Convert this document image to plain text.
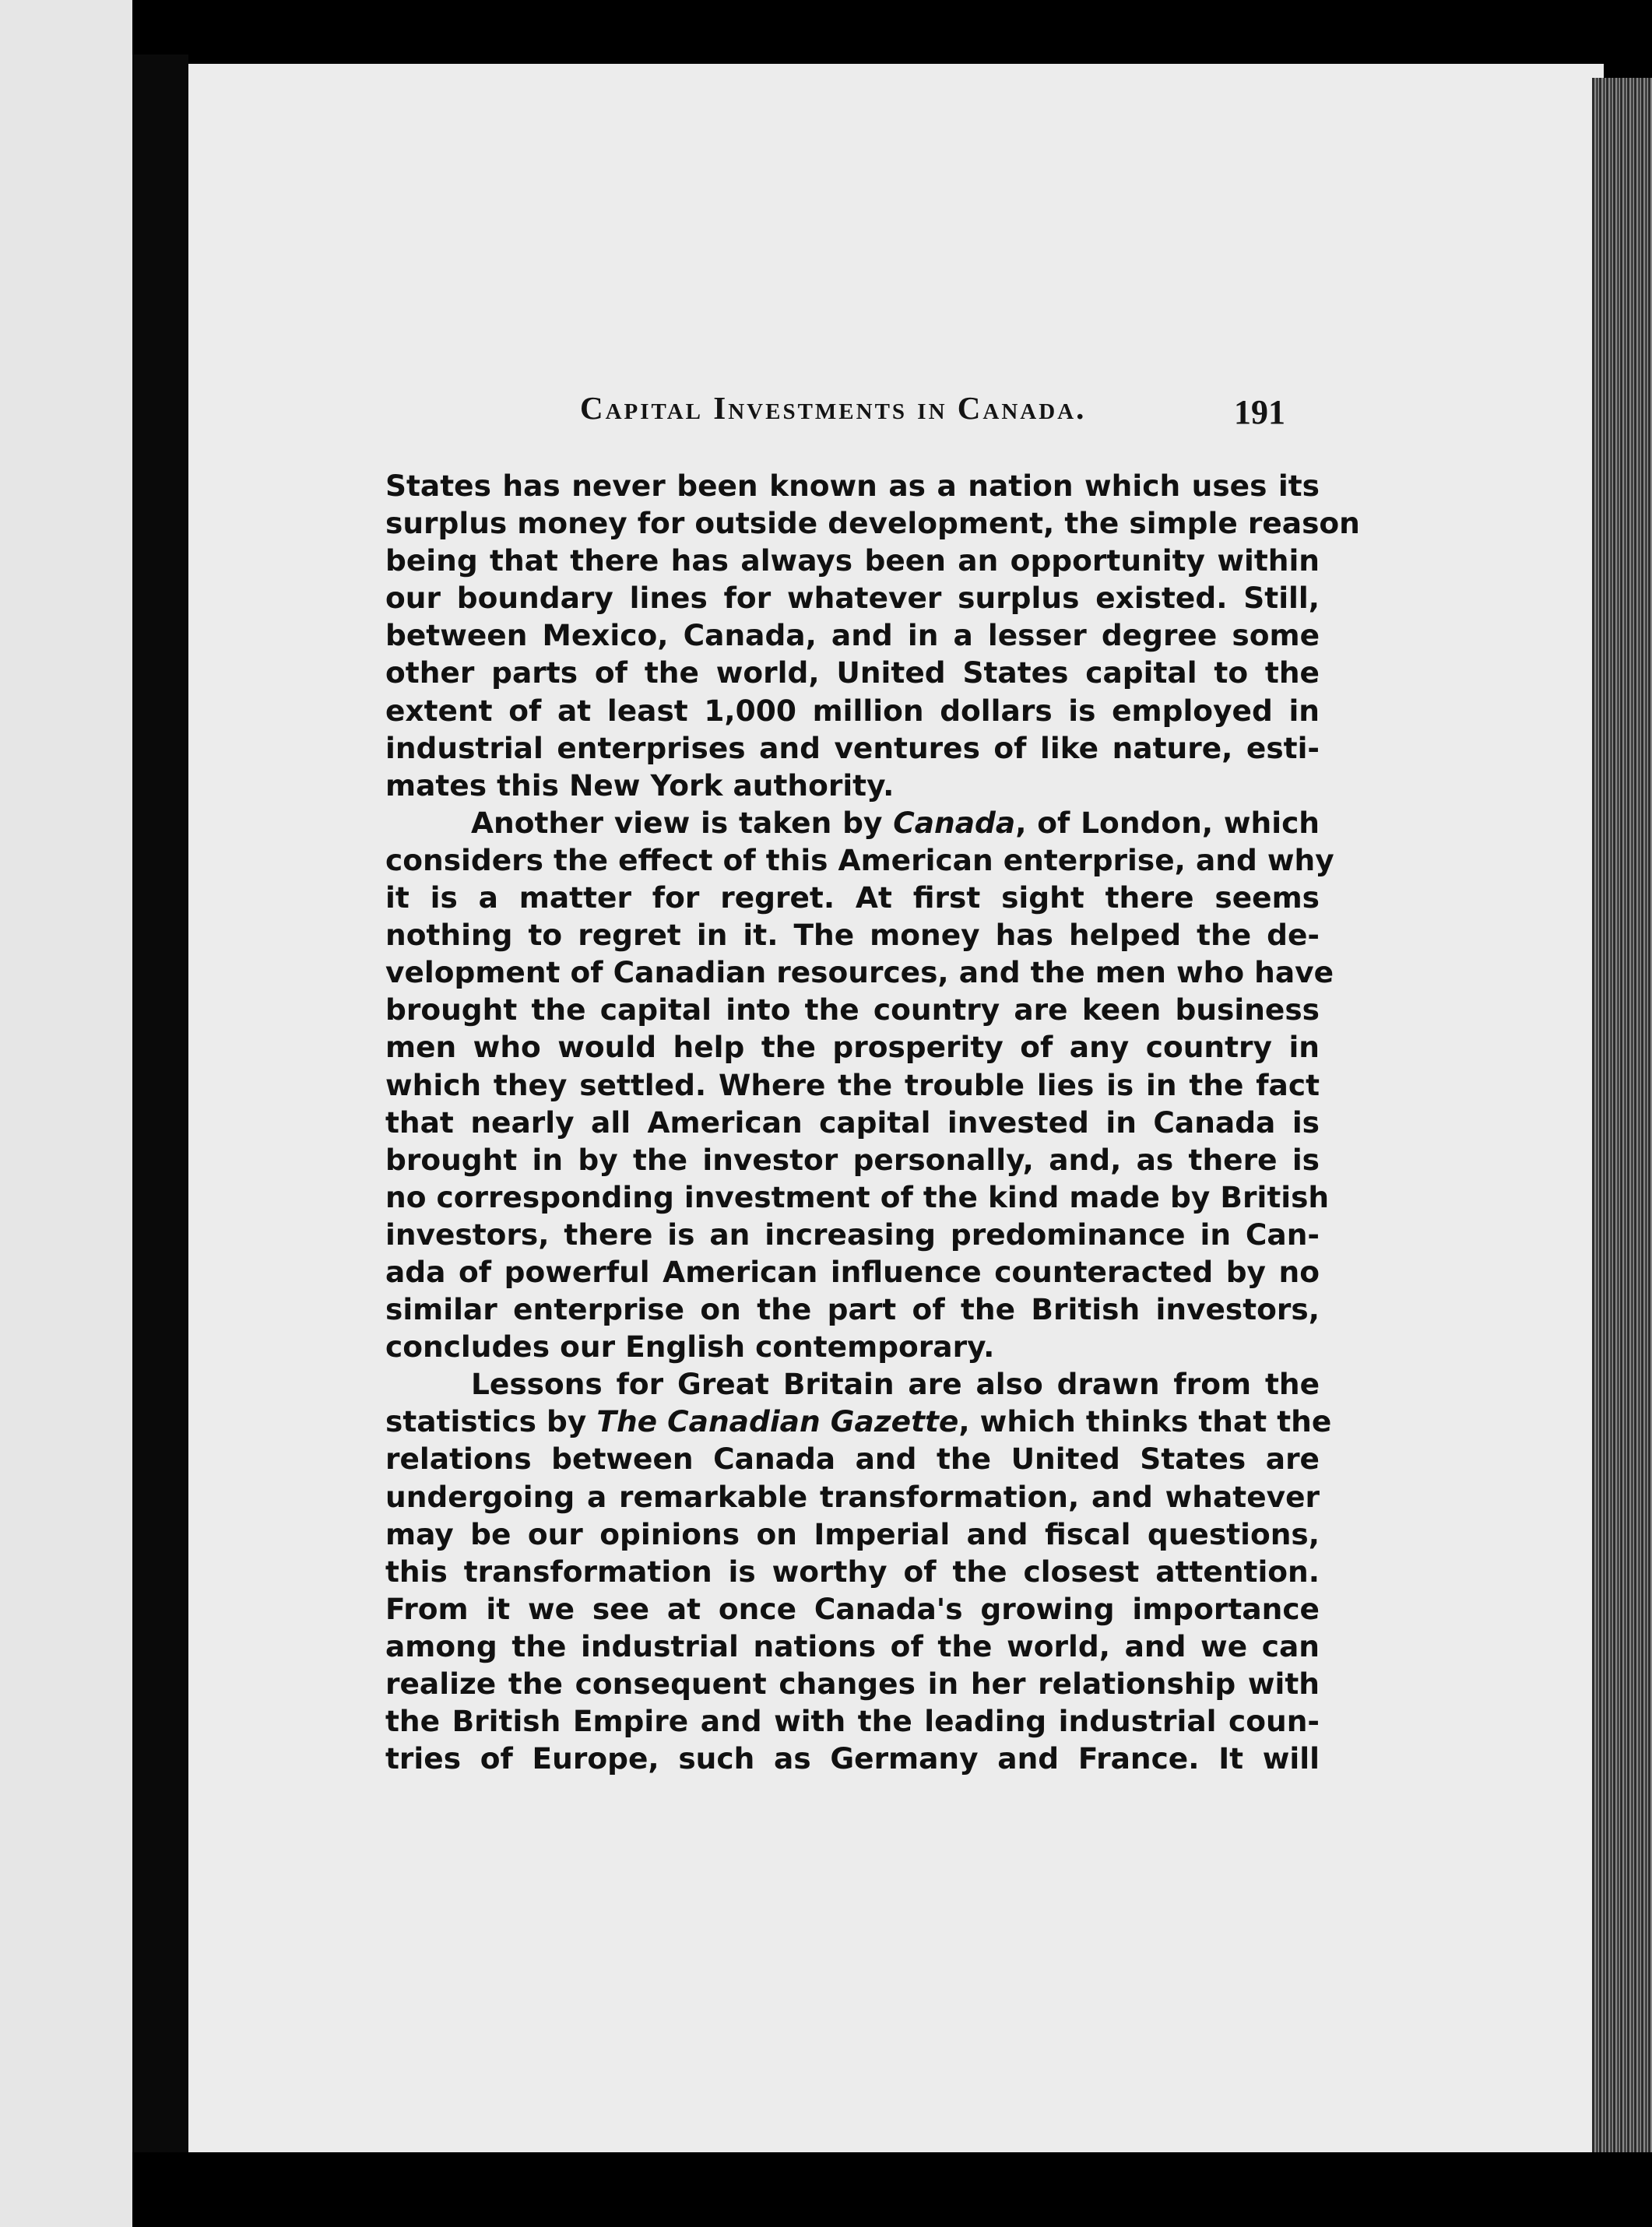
Capital Investments in Canada.	191
States has never been known as a nation which uses its
surplus money for outside development, the simple reason
being that there has always been an opportunity within
our boundary lines for whatever surplus existed. Still,
between Mexico, Canada, and in a lesser degree some
other parts of the world, United States capital to the
extent of at least 1,000 million dollars is employed in
industrial enterprises and ventures of like nature, esti-
mates this New York authority.
Another view is taken by Canada, of London, which
considers the effect of this American enterprise, and why
it is a matter for regret. At first sight there seems
nothing to regret in it. The money has helped the de-
velopment of Canadian resources, and the men who have
brought the capital into the country are keen business
men who would help the prosperity of any country in
which they settled. Where the trouble lies is in the fact
that nearly all American capital invested in Canada is
brought in by the investor personally, and, as there is
no corresponding investment of the kind made by British
investors, there is an increasing predominance in Can-
ada of powerful American influence counteracted by no
similar enterprise on the part of the British investors,
concludes our English contemporary.
Lessons for Great Britain are also drawn from the
statistics by The Canadian Gazette, which thinks that the
relations between Canada and the United States are
undergoing a remarkable transformation, and whatever
may be our opinions on Imperial and fiscal questions,
this transformation is worthy of the closest attention.
From it we see at once Canada's growing importance
among the industrial nations of the world, and we can
realize the consequent changes in her relationship with
the British Empire and with the leading industrial coun-
tries of Europe, such as Germany and France. It will
